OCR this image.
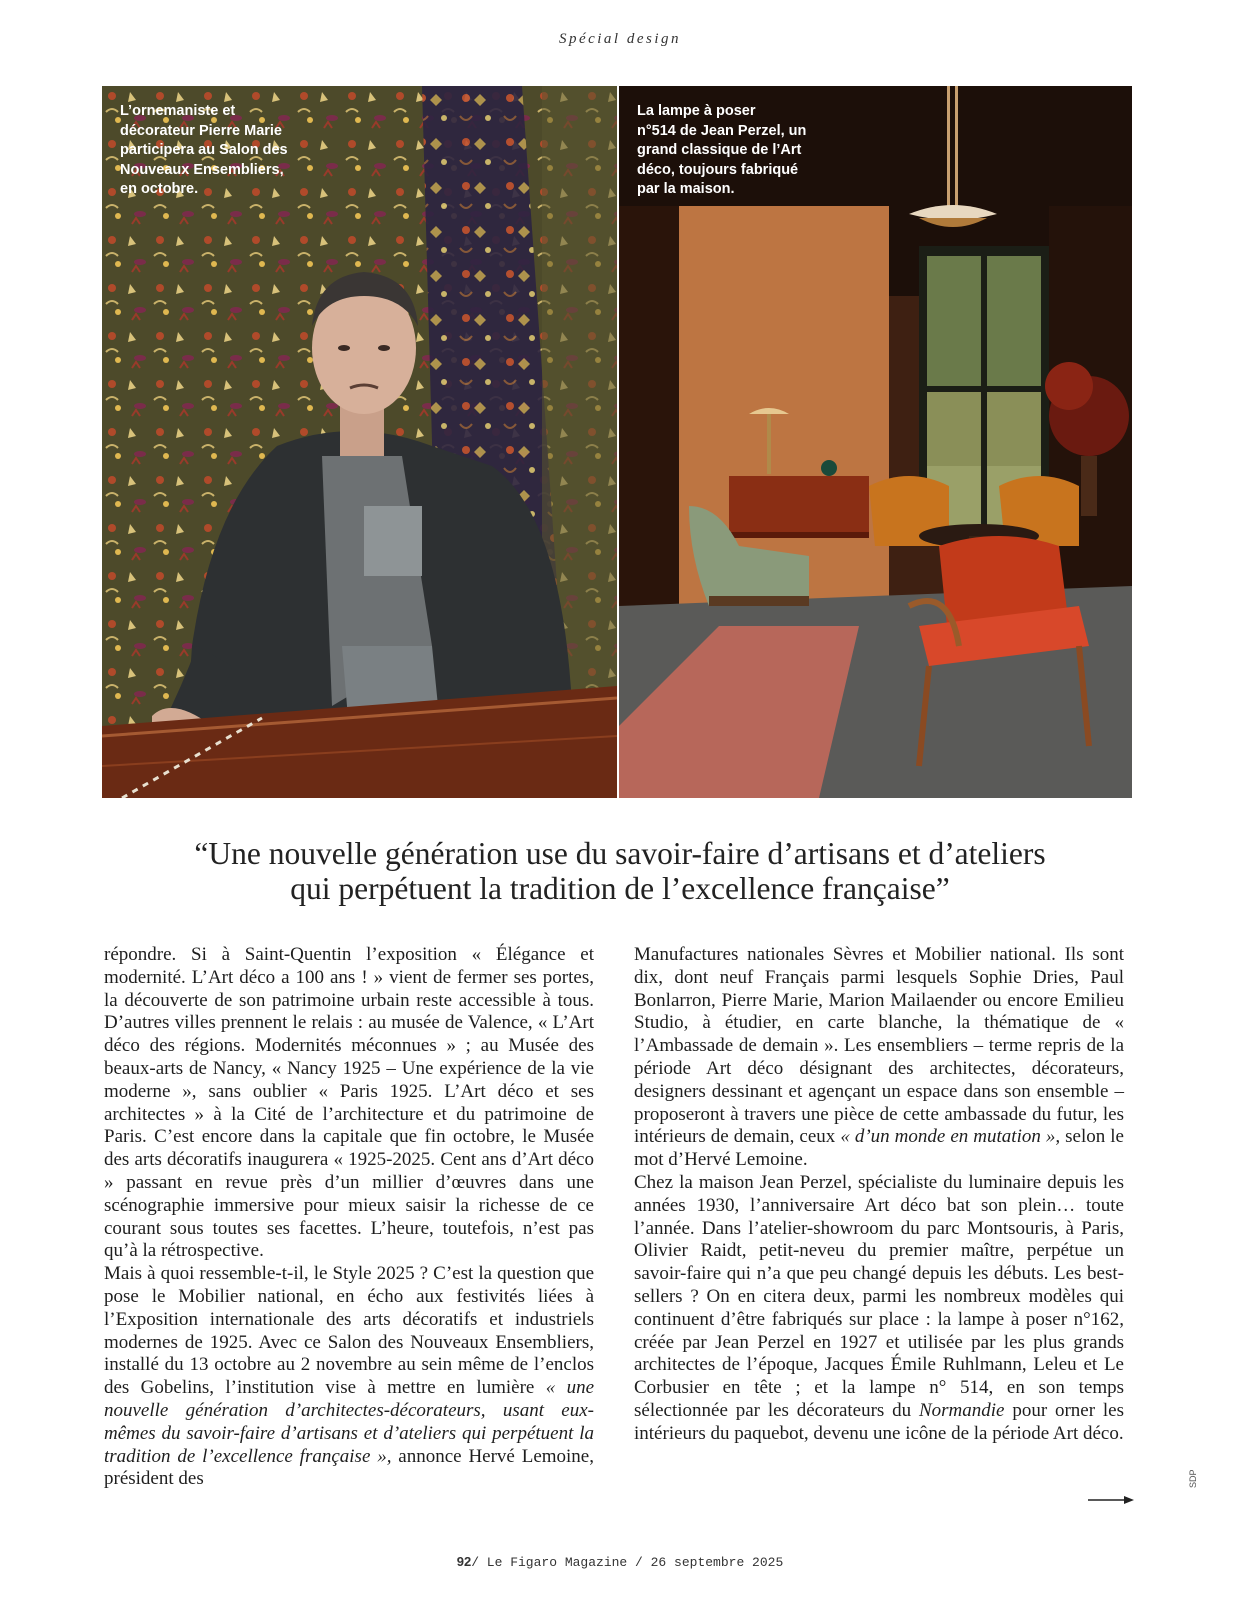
Spécial design
L’ornemaniste et
décorateur Pierre Marie
participera au Salon des
Nouveaux Ensembliers,
en octobre.
La lampe à poser
n°514 de Jean Perzel, un
grand classique de l’Art
déco, toujours fabriqué
par la maison.
“Une nouvelle génération use du savoir-faire d’artisans et d’ateliers
qui perpétuent la tradition de l’excellence française”

répondre. Si à Saint-Quentin l’exposition « Élégance et modernité. L’Art déco a 100 ans ! » vient de fermer ses portes, la découverte de son patrimoine urbain reste accessible à tous. D’autres villes prennent le relais : au musée de Valence, « L’Art déco des régions. Modernités méconnues » ; au Musée des beaux-arts de Nancy, « Nancy 1925 – Une expérience de la vie moderne », sans oublier « Paris 1925. L’Art déco et ses architectes » à la Cité de l’architecture et du patrimoine de Paris. C’est encore dans la capitale que fin octobre, le Musée des arts décoratifs inaugurera « 1925-2025. Cent ans d’Art déco » passant en revue près d’un millier d’œuvres dans une scénographie immersive pour mieux saisir la richesse de ce courant sous toutes ses facettes. L’heure, toutefois, n’est pas qu’à la rétrospective.

Mais à quoi ressemble-t-il, le Style 2025 ? C’est la question que pose le Mobilier national, en écho aux festivités liées à l’Exposition internationale des arts décoratifs et industriels modernes de 1925. Avec ce Salon des Nouveaux Ensembliers, installé du 13 octobre au 2 novembre au sein même de l’enclos des Gobelins, l’institution vise à mettre en lumière « une nouvelle génération d’architectes-décorateurs, usant eux-mêmes du savoir-faire d’artisans et d’ateliers qui perpétuent la tradition de l’excellence française », annonce Hervé Lemoine, président des

Manufactures nationales Sèvres et Mobilier national. Ils sont dix, dont neuf Français parmi lesquels Sophie Dries, Paul Bonlarron, Pierre Marie, Marion Mailaender ou encore Emilieu Studio, à étudier, en carte blanche, la thématique de « l’Ambassade de demain ». Les ensembliers – terme repris de la période Art déco désignant des architectes, décorateurs, designers dessinant et agençant un espace dans son ensemble – proposeront à travers une pièce de cette ambassade du futur, les intérieurs de demain, ceux « d’un monde en mutation », selon le mot d’Hervé Lemoine.

Chez la maison Jean Perzel, spécialiste du luminaire depuis les années 1930, l’anniversaire Art déco bat son plein… toute l’année. Dans l’atelier-showroom du parc Montsouris, à Paris, Olivier Raidt, petit-neveu du premier maître, perpétue un savoir-faire qui n’a que peu changé depuis les débuts. Les best-sellers ? On en citera deux, parmi les nombreux modèles qui continuent d’être fabriqués sur place : la lampe à poser n°162, créée par Jean Perzel en 1927 et utilisée par les plus grands architectes de l’époque, Jacques Émile Ruhlmann, Leleu et Le Corbusier en tête ; et la lampe n° 514, en son temps sélectionnée par les décorateurs du Normandie pour orner les intérieurs du paquebot, devenu une icône de la période Art déco.

SDP
92/ Le Figaro Magazine / 26 septembre 2025
